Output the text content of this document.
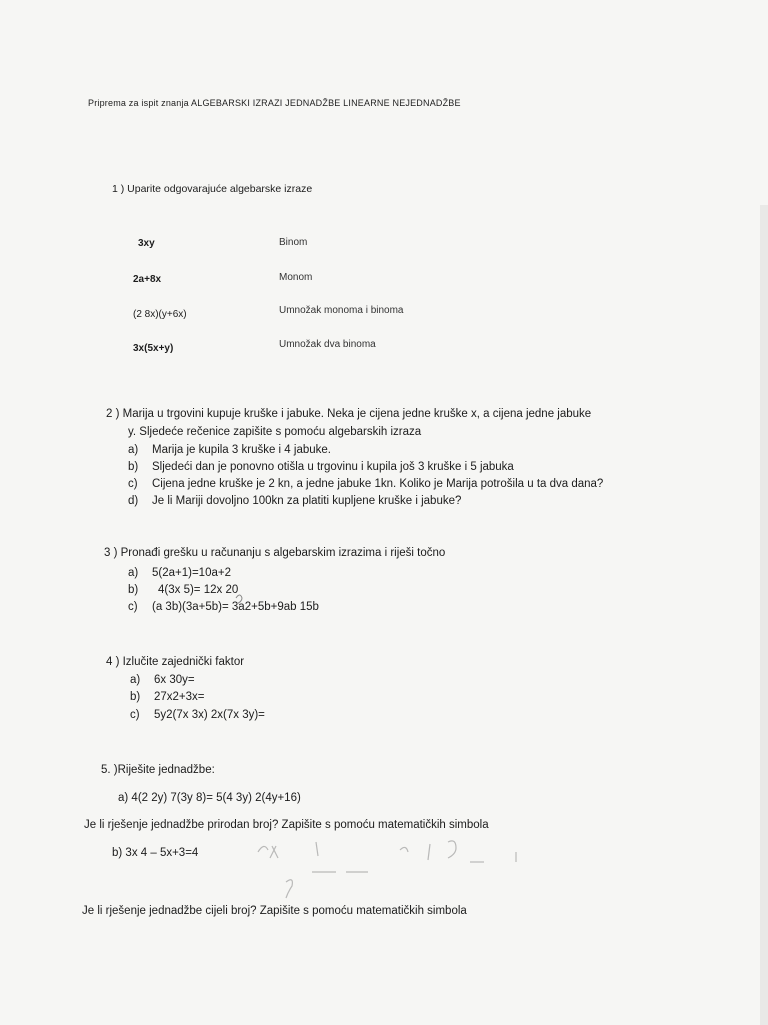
Priprema za ispit znanja ALGEBARSKI IZRAZI JEDNADŽBE LINEARNE NEJEDNADŽBE
1 ) Uparite odgovarajuće algebarske izraze
3xy	Binom
2a+8x	Monom
(2 8x)(y+6x)	Umnožak monoma i binoma
3x(5x+y)	Umnožak dva binoma
2 ) Marija u trgovini kupuje kruške i jabuke. Neka je cijena jedne kruške x, a cijena jedne jabuke
y. Sljedeće rečenice zapišite s pomoću algebarskih izraza
a) Marija je kupila 3 kruške i 4 jabuke.
b) Sljedeći dan je ponovno otišla u trgovinu i kupila još 3 kruške i 5 jabuka
c) Cijena jedne kruške je 2 kn, a jedne jabuke 1kn. Koliko je Marija potrošila u ta dva dana?
d) Je li Mariji dovoljno 100kn za platiti kupljene kruške i jabuke?
3 ) Pronađi grešku u računanju s algebarskim izrazima i riješi točno
a) 5(2a+1)=10a+2
b) 4(3x 5)= 12x 20
c) (a 3b)(3a+5b)= 3a2+5b+9ab 15b
4 ) Izlučite zajednički faktor
a) 6x 30y=
b) 27x2+3x=
c) 5y2(7x 3x) 2x(7x 3y)=
5. )Riješite jednadžbe:
a) 4(2 2y) 7(3y 8)= 5(4 3y) 2(4y+16)
Je li rješenje jednadžbe prirodan broj? Zapišite s pomoću matematičkih simbola
b) 3x 4 – 5x+3=4
Je li rješenje jednadžbe cijeli broj? Zapišite s pomoću matematičkih simbola
